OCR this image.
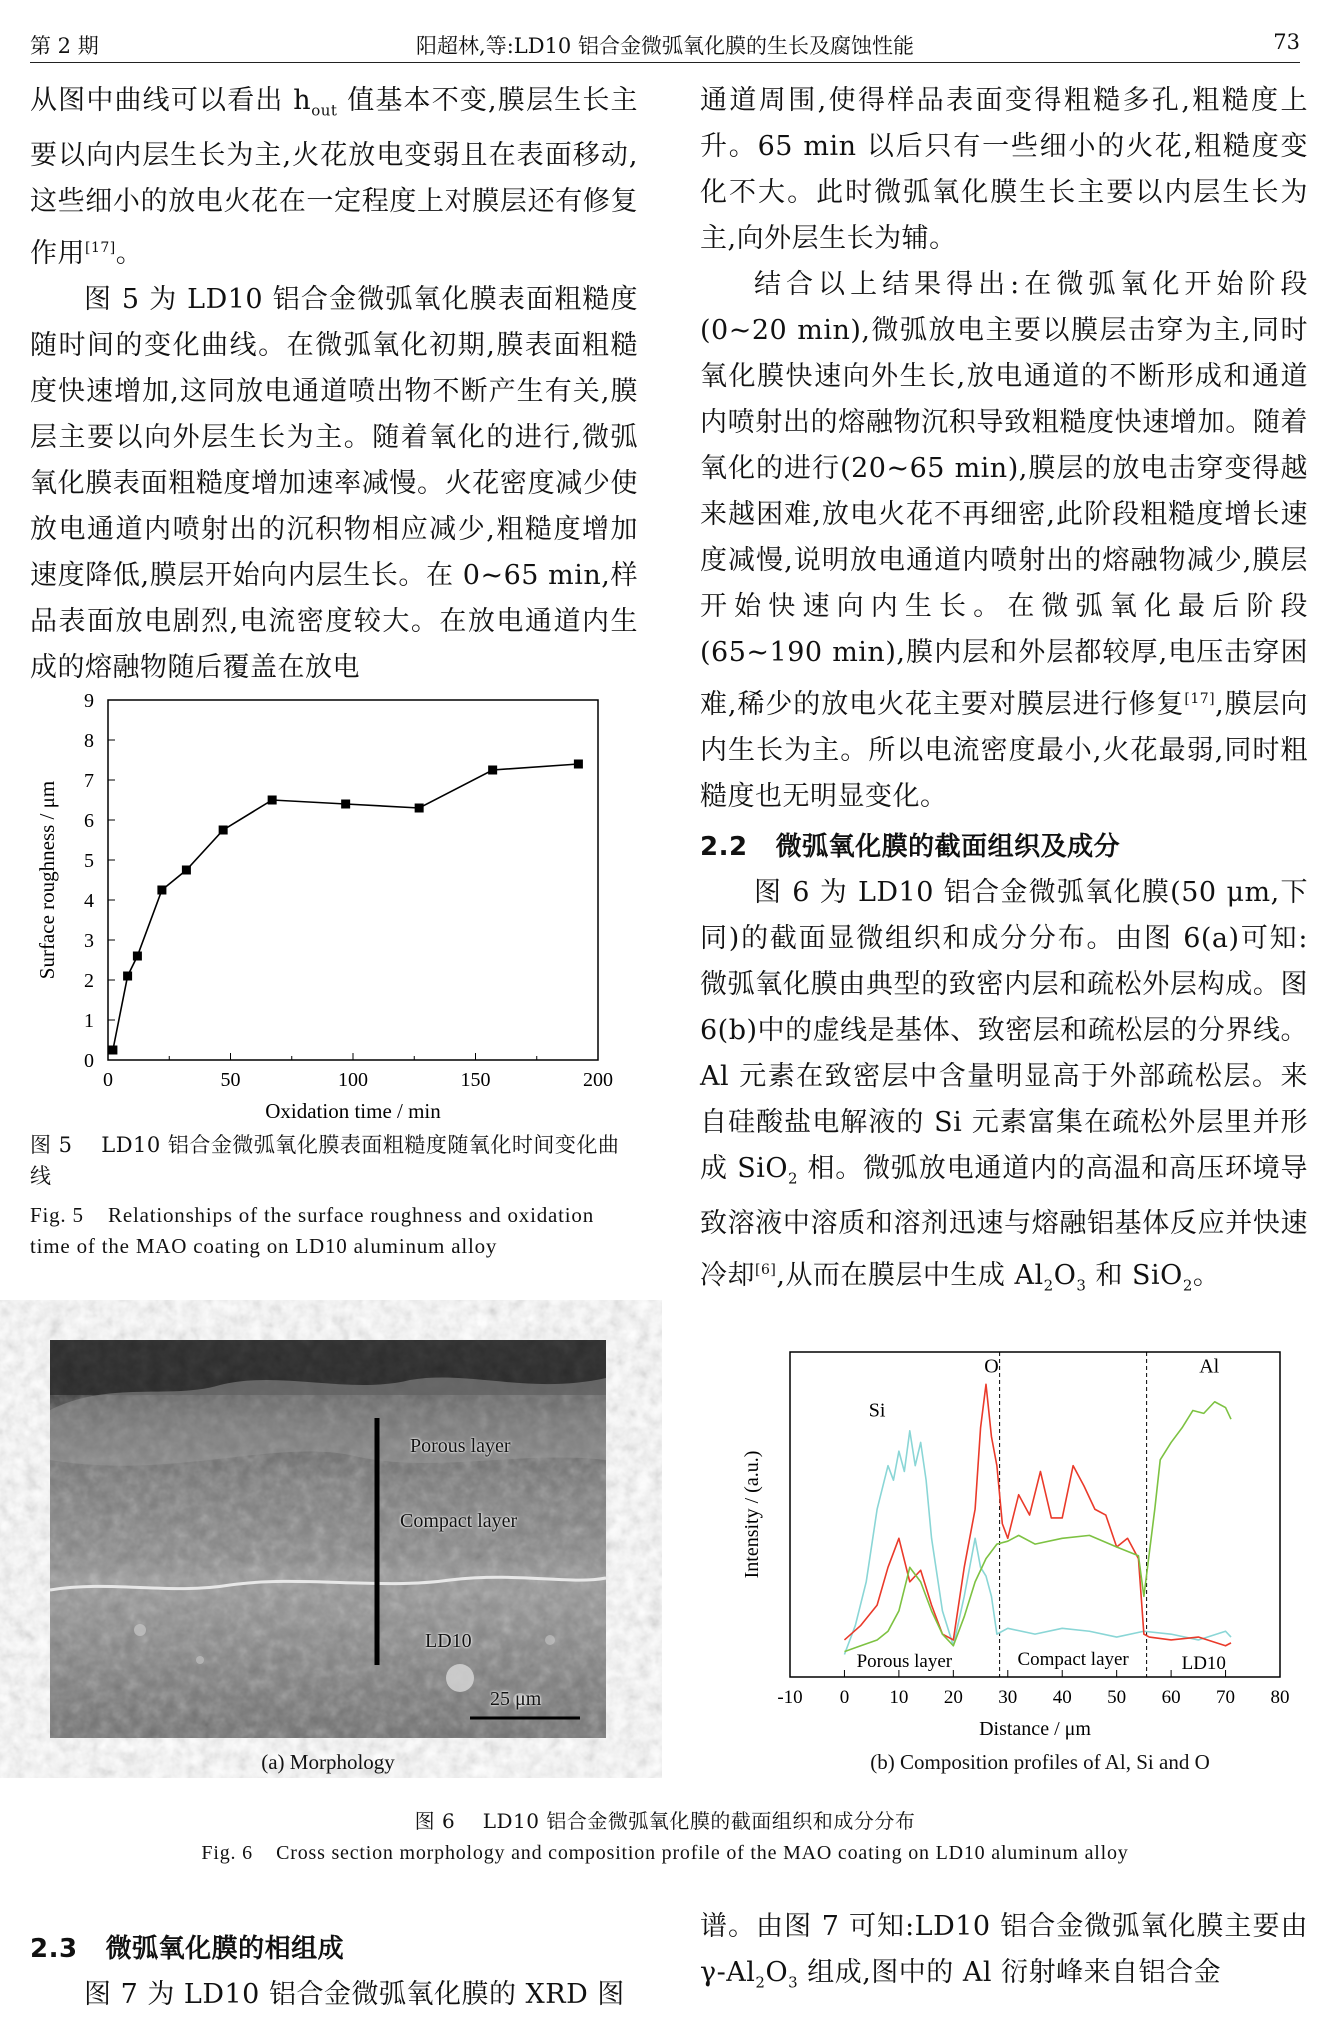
第 2 期	阳超林,等:LD10 铝合金微弧氧化膜的生长及腐蚀性能	73

从图中曲线可以看出 $h_{out}$ 值基本不变,膜层生长主要以向内层生长为主,火花放电变弱且在表面移动,这些细小的放电火花在一定程度上对膜层还有修复作用[17]。

图 5 为 LD10 铝合金微弧氧化膜表面粗糙度随时间的变化曲线。在微弧氧化初期,膜表面粗糙度快速增加,这同放电通道喷出物不断产生有关,膜层主要以向外层生长为主。随着氧化的进行,微弧氧化膜表面粗糙度增加速率减慢。火花密度减少使放电通道内喷射出的沉积物相应减少,粗糙度增加速度降低,膜层开始向内层生长。在 0~65 min,样品表面放电剧烈,电流密度较大。在放电通道内生成的熔融物随后覆盖在放电

通道周围,使得样品表面变得粗糙多孔,粗糙度上升。65 min 以后只有一些细小的火花,粗糙度变化不大。此时微弧氧化膜生长主要以内层生长为主,向外层生长为辅。

结合以上结果得出:在微弧氧化开始阶段(0~20 min),微弧放电主要以膜层击穿为主,同时氧化膜快速向外生长,放电通道的不断形成和通道内喷射出的熔融物沉积导致粗糙度快速增加。随着氧化的进行(20~65 min),膜层的放电击穿变得越来越困难,放电火花不再细密,此阶段粗糙度增长速度减慢,说明放电通道内喷射出的熔融物减少,膜层开始快速向内生长。在微弧氧化最后阶段(65~190 min),膜内层和外层都较厚,电压击穿困难,稀少的放电火花主要对膜层进行修复[17],膜层向内生长为主。所以电流密度最小,火花最弱,同时粗糙度也无明显变化。

2.2 微弧氧化膜的截面组织及成分

图 6 为 LD10 铝合金微弧氧化膜(50 μm,下同)的截面显微组织和成分分布。由图 6(a)可知:微弧氧化膜由典型的致密内层和疏松外层构成。图 6(b)中的虚线是基体、致密层和疏松层的分界线。Al 元素在致密层中含量明显高于外部疏松层。来自硅酸盐电解液的 Si 元素富集在疏松外层里并形成 SiO$_2$ 相。微弧放电通道内的高温和高压环境导致溶液中溶质和溶剂迅速与熔融铝基体反应并快速冷却[6],从而在膜层中生成 $Al_2O_3$ 和 SiO$_2$。

0	50	100	150	200
0
1
2
3
4
5
6
7
8
9
Oxidation time / min
Surface roughness / μm
图 5 LD10 铝合金微弧氧化膜表面粗糙度随氧化时间变化曲线
Fig. 5 Relationships of the surface roughness and oxidation time of the MAO coating on LD10 aluminum alloy
Porous layer
Compact layer
LD10
25 μm	-10 0 10 20 30 40 50 60 70 80
Distance / μm
Intensity / (a.u.)
Si
O	Al
Porous layer	Compact layer	LD10
(a) Morphology	(b) Composition profiles of Al, Si and O
图 6 LD10 铝合金微弧氧化膜的截面组织和成分分布
Fig. 6 Cross section morphology and composition profile of the MAO coating on LD10 aluminum alloy
2.3 微弧氧化膜的相组成

图 7 为 LD10 铝合金微弧氧化膜的 XRD 图

谱。由图 7 可知:LD10 铝合金微弧氧化膜主要由 $\gamma-Al_2O_3$ 组成,图中的 Al 衍射峰来自铝合金
